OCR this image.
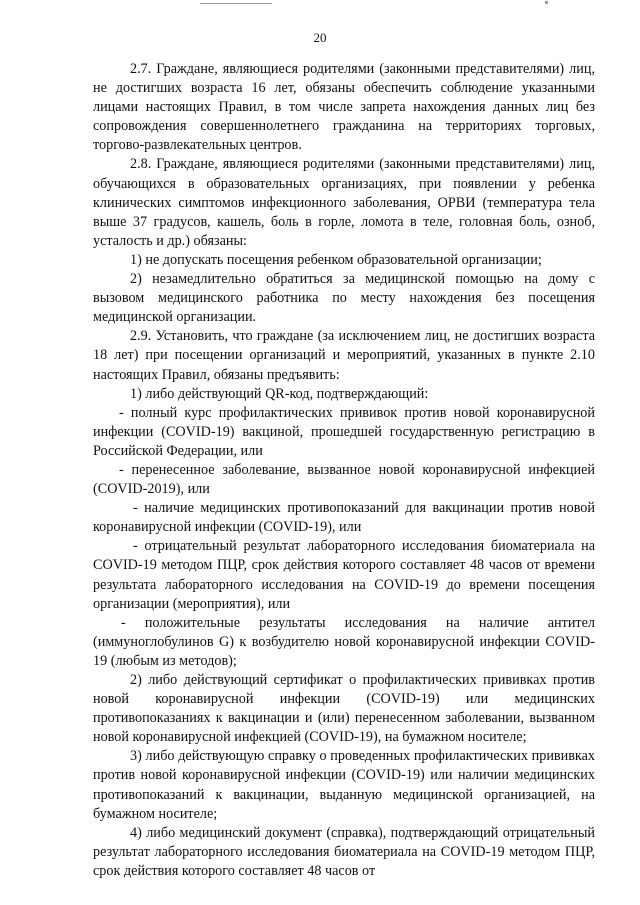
20

2.7. Граждане, являющиеся родителями (законными представителями) лиц, не достигших возраста 16 лет, обязаны обеспечить соблюдение указанными лицами настоящих Правил, в том числе запрета нахождения данных лиц без сопровождения совершеннолетнего гражданина на территориях торговых, торгово-развлекательных центров.

2.8. Граждане, являющиеся родителями (законными представителями) лиц, обучающихся в образовательных организациях, при появлении у ребенка клинических симптомов инфекционного заболевания, ОРВИ (температура тела выше 37 градусов, кашель, боль в горле, ломота в теле, головная боль, озноб, усталость и др.) обязаны:

1) не допускать посещения ребенком образовательной организации;

2) незамедлительно обратиться за медицинской помощью на дому с вызовом медицинского работника по месту нахождения без посещения медицинской организации.

2.9. Установить, что граждане (за исключением лиц, не достигших возраста 18 лет) при посещении организаций и мероприятий, указанных в пункте 2.10 настоящих Правил, обязаны предъявить:

1) либо действующий QR-код, подтверждающий:

- полный курс профилактических прививок против новой коронавирусной инфекции (COVID-19) вакциной, прошедшей государственную регистрацию в Российской Федерации, или

- перенесенное заболевание, вызванное новой коронавирусной инфекцией (COVID-2019), или

- наличие медицинских противопоказаний для вакцинации против новой коронавирусной инфекции (COVID-19), или

- отрицательный результат лабораторного исследования биоматериала на COVID-19 методом ПЦР, срок действия которого составляет 48 часов от времени результата лабораторного исследования на COVID-19 до времени посещения организации (мероприятия), или

- положительные результаты исследования на наличие антител (иммуноглобулинов G) к возбудителю новой коронавирусной инфекции COVID-19 (любым из методов);

2) либо действующий сертификат о профилактических прививках против новой коронавирусной инфекции (COVID-19) или медицинских противопоказаниях к вакцинации и (или) перенесенном заболевании, вызванном новой коронавирусной инфекцией (COVID-19), на бумажном носителе;

3) либо действующую справку о проведенных профилактических прививках против новой коронавирусной инфекции (COVID-19) или наличии медицинских противопоказаний к вакцинации, выданную медицинской организацией, на бумажном носителе;

4) либо медицинский документ (справка), подтверждающий отрицательный результат лабораторного исследования биоматериала на COVID-19 методом ПЦР, срок действия которого составляет 48 часов от
